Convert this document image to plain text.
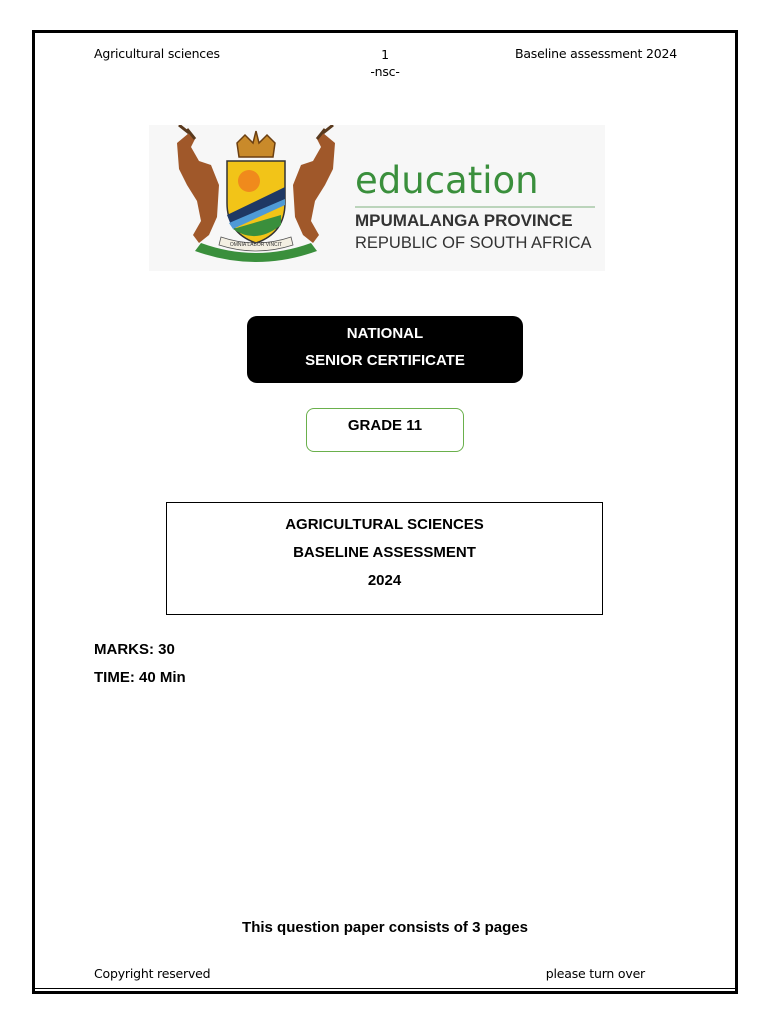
Agricultural sciences	1
-nsc-
Baseline assessment 2024
OMNIA LABOR VINCIT
education
MPUMALANGA PROVINCE
REPUBLIC OF SOUTH AFRICA
NATIONAL
SENIOR CERTIFICATE
GRADE 11
AGRICULTURAL SCIENCES
BASELINE ASSESSMENT
2024
MARKS: 30
TIME: 40 Min
This question paper consists of 3 pages
Copyright reserved	please turn over
